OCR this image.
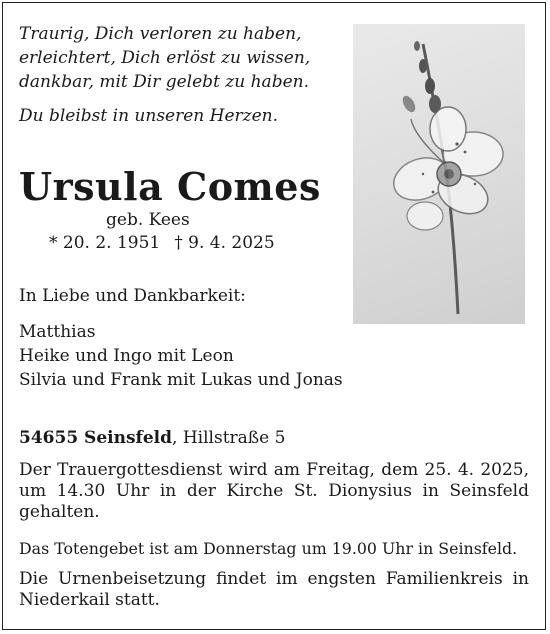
Traurig, Dich verloren zu haben,
erleichtert, Dich erlöst zu wissen,
dankbar, mit Dir gelebt zu haben.
Du bleibst in unseren Herzen.
Ursula Comes
geb. Kees
* 20. 2. 1951 † 9. 4. 2025
In Liebe und Dankbarkeit:
Matthias
Heike und Ingo mit Leon
Silvia und Frank mit Lukas und Jonas
54655 Seinsfeld, Hillstraße 5
Der Trauergottesdienst wird am Freitag, dem 25. 4. 2025, um 14.30 Uhr in der Kirche St. Dionysius in Seinsfeld gehalten.
Das Totengebet ist am Donnerstag um 19.00 Uhr in Seinsfeld.
Die Urnenbeisetzung findet im engsten Familienkreis in Niederkail statt.
